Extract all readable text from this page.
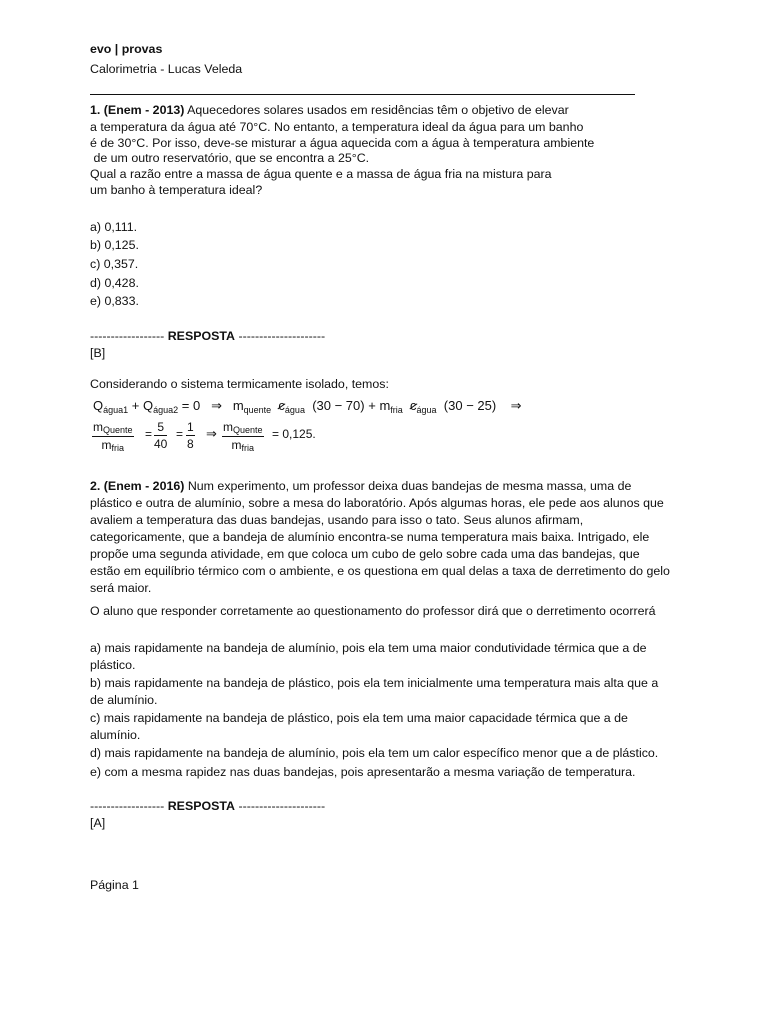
evo | provas
Calorimetria - Lucas Veleda
1. (Enem - 2013) Aquecedores solares usados em residências têm o objetivo de elevar
a temperatura da água até 70°C. No entanto, a temperatura ideal da água para um banho
é de 30°C. Por isso, deve-se misturar a água aquecida com a água à temperatura ambiente
de um outro reservatório, que se encontra a 25°C.
Qual a razão entre a massa de água quente e a massa de água fria na mistura para
um banho à temperatura ideal?
a) 0,111.
b) 0,125.
c) 0,357.
d) 0,428.
e) 0,833.
------------------ RESPOSTA ---------------------
[B]
Considerando o sistema termicamente isolado, temos:
$Q_{água1} + Q_{água2} = 0$ ⇒ $m_{quente}$ $c_{água}$ $(30 - 70) + m_{fria}$ $c_{água}$ (30 − 25) ⇒
mQuente
mfria
= $\frac{5}{40} = \frac{1}{8}$ ⇒ mQuente
mfria
= 0,125.
2. (Enem - 2016) Num experimento, um professor deixa duas bandejas de mesma massa, uma de
plástico e outra de alumínio, sobre a mesa do laboratório. Após algumas horas, ele pede aos alunos que
avaliem a temperatura das duas bandejas, usando para isso o tato. Seus alunos afirmam,
categoricamente, que a bandeja de alumínio encontra-se numa temperatura mais baixa. Intrigado, ele
propõe uma segunda atividade, em que coloca um cubo de gelo sobre cada uma das bandejas, que
estão em equilíbrio térmico com o ambiente, e os questiona em qual delas a taxa de derretimento do gelo
será maior.
O aluno que responder corretamente ao questionamento do professor dirá que o derretimento ocorrerá
a) mais rapidamente na bandeja de alumínio, pois ela tem uma maior condutividade térmica que a de
plástico.
b) mais rapidamente na bandeja de plástico, pois ela tem inicialmente uma temperatura mais alta que a
de alumínio.
c) mais rapidamente na bandeja de plástico, pois ela tem uma maior capacidade térmica que a de
alumínio.
d) mais rapidamente na bandeja de alumínio, pois ela tem um calor específico menor que a de plástico.
e) com a mesma rapidez nas duas bandejas, pois apresentarão a mesma variação de temperatura.
------------------ RESPOSTA ---------------------
[A]
Página 1
